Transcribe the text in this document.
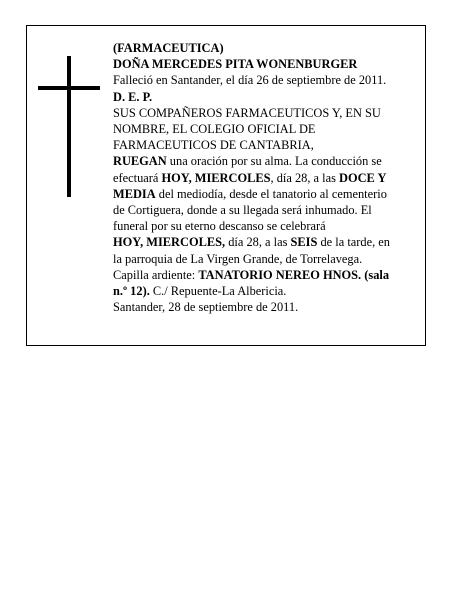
(FARMACEUTICA)
DOÑA MERCEDES PITA WONENBURGER
Falleció en Santander, el día 26 de septiembre de 2011.
D. E. P.
SUS COMPAÑEROS FARMACEUTICOS Y, EN SU
NOMBRE, EL COLEGIO OFICIAL DE
FARMACEUTICOS DE CANTABRIA,
RUEGAN una oración por su alma. La conducción se
efectuará HOY, MIERCOLES, día 28, a las DOCE Y
MEDIA del mediodía, desde el tanatorio al cementerio
de Cortiguera, donde a su llegada será inhumado. El
funeral por su eterno descanso se celebrará
HOY, MIERCOLES, día 28, a las SEIS de la tarde, en
la parroquia de La Virgen Grande, de Torrelavega.
Capilla ardiente: TANATORIO NEREO HNOS. (sala
n.º 12). C./ Repuente-La Albericia.
Santander, 28 de septiembre de 2011.
